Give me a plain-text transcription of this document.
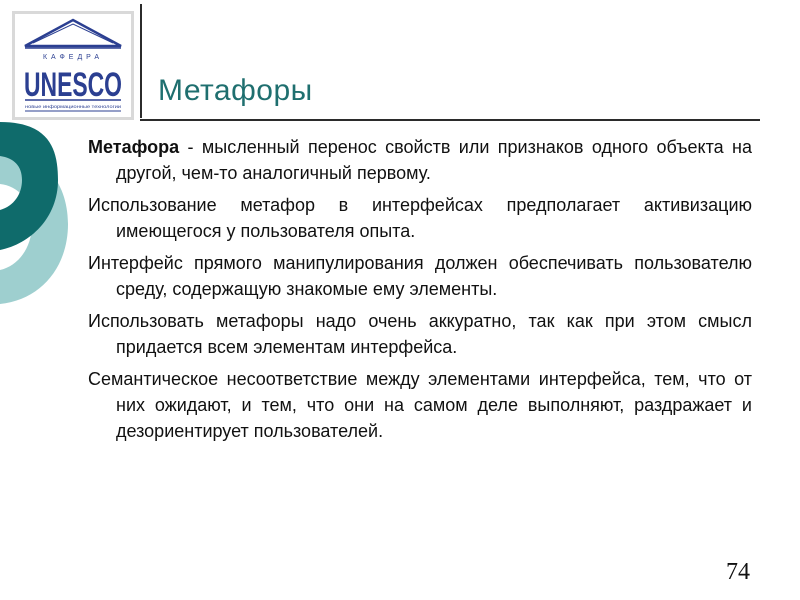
КАФЕДРА
UNESCO
новые информационные технологии Метафоры

Метафора - мысленный перенос свойств или признаков одного объекта на другой, чем-то аналогичный первому.

Использование метафор в интерфейсах предполагает активизацию имеющегося у пользователя опыта.

Интерфейс прямого манипулирования должен обеспечивать пользователю среду, содержащую знакомые ему элементы.

Использовать метафоры надо очень аккуратно, так как при этом смысл придается всем элементам интерфейса.

Семантическое несоответствие между элементами интерфейса, тем, что от них ожидают, и тем, что они на самом деле выполняют, раздражает и дезориентирует пользователей.

74
